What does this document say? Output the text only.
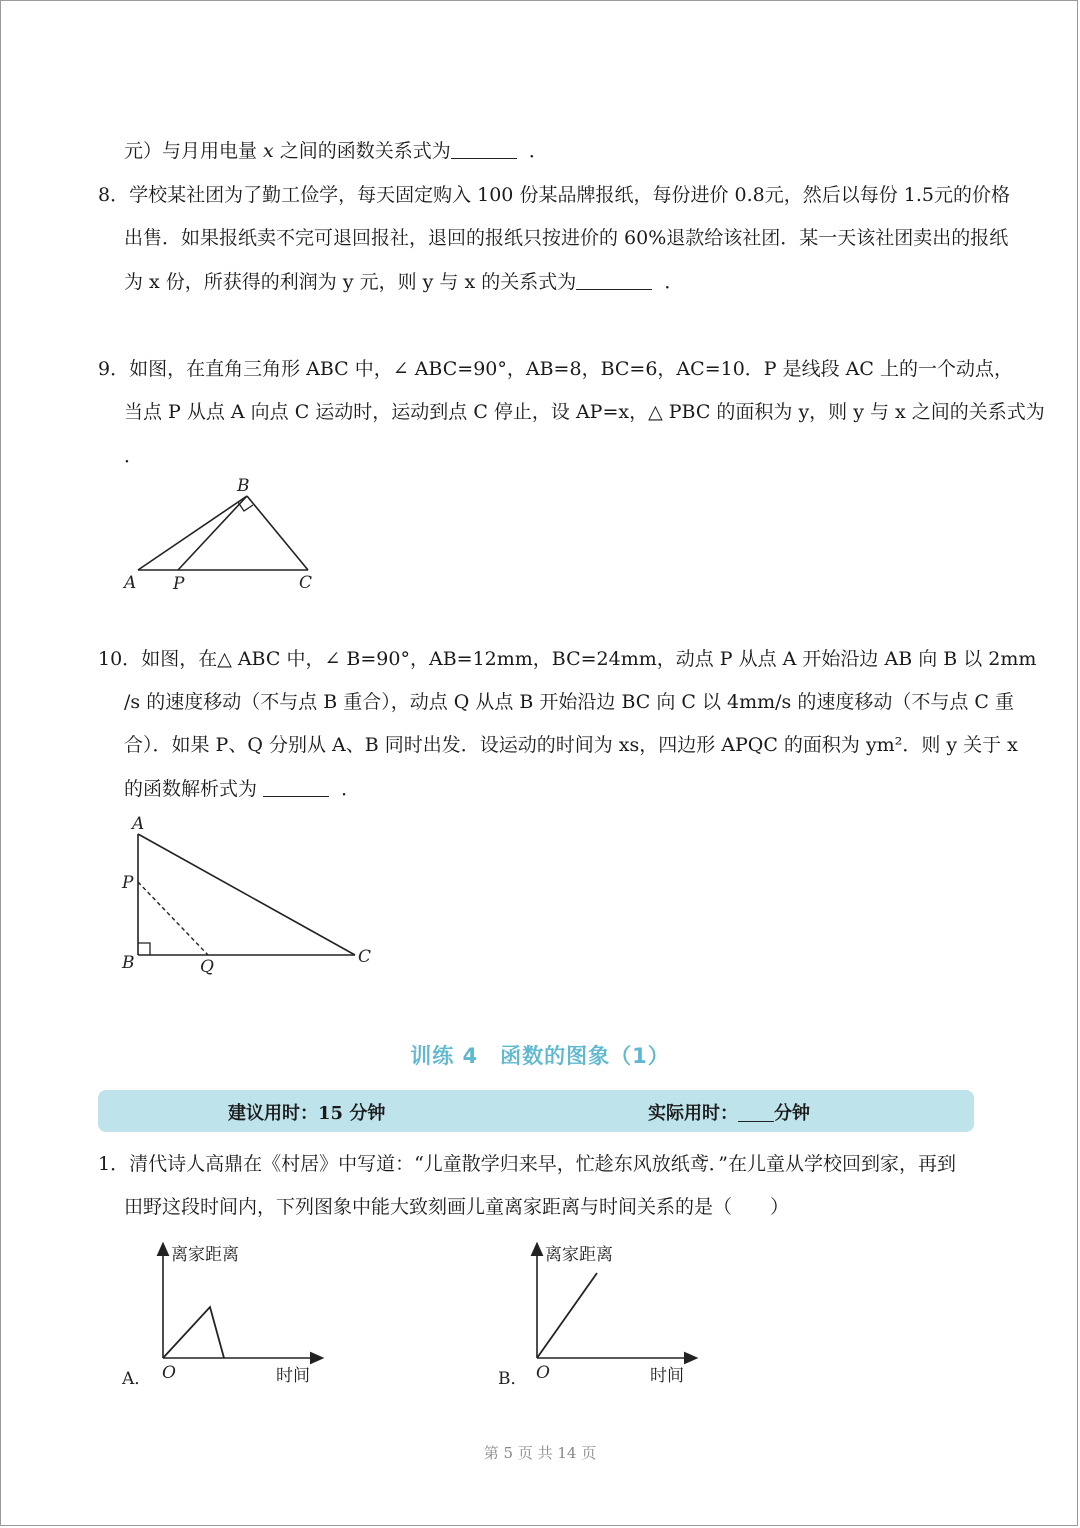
元）与月用电量 x 之间的函数关系式为	．
8．学校某社团为了勤工俭学，每天固定购入 100 份某品牌报纸，每份进价 0.8元，然后以每份 1.5元的价格
出售．如果报纸卖不完可退回报社，退回的报纸只按进价的 60%退款给该社团．某一天该社团卖出的报纸
为 x 份，所获得的利润为 y 元，则 y 与 x 的关系式为	．
9．如图，在直角三角形 ABC 中，∠ ABC=90°，AB=8，BC=6，AC=10．P 是线段 AC 上的一个动点，
当点 P 从点 A 向点 C 运动时，运动到点 C 停止，设 AP=x，△ PBC 的面积为 y，则 y 与 x 之间的关系式为
．
B
A P	C
10．如图，在△ ABC 中，∠ B=90°，AB=12mm，BC=24mm，动点 P 从点 A 开始沿边 AB 向 B 以 2mm
/s 的速度移动（不与点 B 重合），动点 Q 从点 B 开始沿边 BC 向 C 以 4mm/s 的速度移动（不与点 C 重
合）．如果 P、Q 分别从 A、B 同时出发．设运动的时间为 xs，四边形 APQC 的面积为 ym²．则 y 关于 x
的函数解析式为	．
A
P
B	Q	C
训练 4　函数的图象（1）
建议用时：15 分钟	实际用时： 分钟
1．清代诗人高鼎在《村居》中写道：“儿童散学归来早，忙趁东风放纸鸢．”在儿童从学校回到家，再到
田野这段时间内，下列图象中能大致刻画儿童离家距离与时间关系的是（　　）
离家距离
时间
O
A．
离家距离
时间
O
B．
第 5 页 共 14 页
